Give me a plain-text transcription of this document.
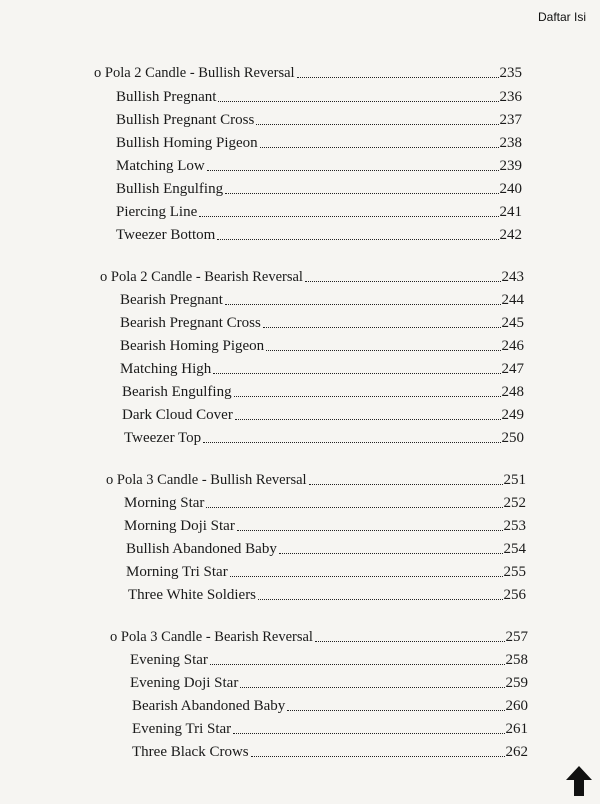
Daftar Isi
o Pola 2 Candle - Bullish Reversal	235
Bullish Pregnant	236
Bullish Pregnant Cross	237
Bullish Homing Pigeon	238
Matching Low	239
Bullish Engulfing	240
Piercing Line	241
Tweezer Bottom	242
o Pola 2 Candle - Bearish Reversal	243
Bearish Pregnant	244
Bearish Pregnant Cross	245
Bearish Homing Pigeon	246
Matching High	247
Bearish Engulfing	248
Dark Cloud Cover	249
Tweezer Top	250
o Pola 3 Candle - Bullish Reversal	251
Morning Star	252
Morning Doji Star	253
Bullish Abandoned Baby	254
Morning Tri Star	255
Three White Soldiers	256
o Pola 3 Candle - Bearish Reversal	257
Evening Star	258
Evening Doji Star	259
Bearish Abandoned Baby	260
Evening Tri Star	261
Three Black Crows	262
